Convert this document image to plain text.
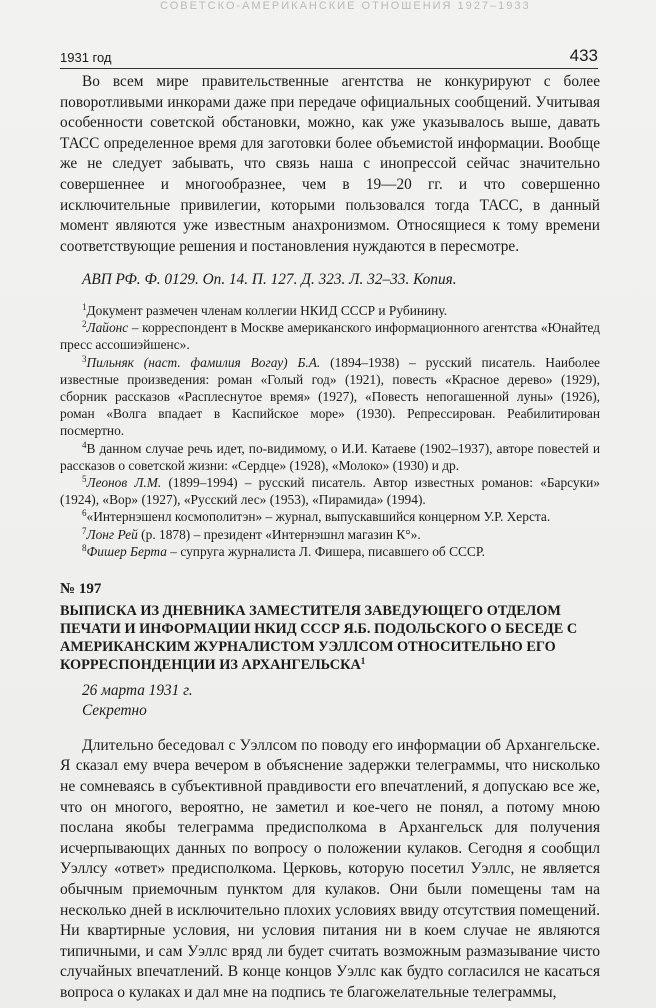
СОВЕТСКО-АМЕРИКАНСКИЕ ОТНОШЕНИЯ 1927–1933
1931 год	433

Во всем мире правительственные агентства не конкурируют с более поворотливыми инкорами даже при передаче официальных сообщений. Учитывая особенности советской обстановки, можно, как уже указывалось выше, давать ТАСС определенное время для заготовки более объемистой информации. Вообще же не следует забывать, что связь наша с инопрессой сейчас значительно совершеннее и многообразнее, чем в 19—20 гг. и что совершенно исключительные привилегии, которыми пользовался тогда ТАСС, в данный момент являются уже известным анахронизмом. Относящиеся к тому времени соответствующие решения и постановления нуждаются в пересмотре.

АВП РФ. Ф. 0129. Оп. 14. П. 127. Д. 323. Л. 32–33. Копия.

$^1$Документ размечен членам коллегии НКИД СССР и Рубинину.

$^2$Лайонс – корреспондент в Москве американского информационного агентства «Юнайтед пресс ассошиэйшенс».

$^3$Пильняк (наст. фамилия Вогау) Б.А. (1894–1938) – русский писатель. Наиболее известные произведения: роман «Голый год» (1921), повесть «Красное дерево» (1929), сборник рассказов «Расплеснутое время» (1927), «Повесть непогашенной луны» (1926), роман «Волга впадает в Каспийское море» (1930). Репрессирован. Реабилитирован посмертно.

$^4$В данном случае речь идет, по-видимому, о И.И. Катаеве (1902–1937), авторе повестей и рассказов о советской жизни: «Сердце» (1928), «Молоко» (1930) и др.

$^5$Леонов Л.М. (1899–1994) – русский писатель. Автор известных романов: «Барсуки» (1924), «Вор» (1927), «Русский лес» (1953), «Пирамида» (1994).

$^6$«Интернэшенл космополитэн» – журнал, выпускавшийся концерном У.Р. Херста.

$^7$Лонг Рей (р. 1878) – президент «Интернэшнл магазин К°».

$^8$Фишер Берта – супруга журналиста Л. Фишера, писавшего об СССР.

№ 197

ВЫПИСКА ИЗ ДНЕВНИКА ЗАМЕСТИТЕЛЯ ЗАВЕДУЮЩЕГО ОТДЕЛОМ ПЕЧАТИ И ИНФОРМАЦИИ НКИД СССР Я.Б. ПОДОЛЬСКОГО О БЕСЕДЕ С АМЕРИКАНСКИМ ЖУРНАЛИСТОМ УЭЛЛСОМ ОТНОСИТЕЛЬНО ЕГО КОРРЕСПОНДЕНЦИИ ИЗ АРХАНГЕЛЬСКА$^1$

26 марта 1931 г.

Секретно

Длительно беседовал с Уэллсом по поводу его информации об Архангельске. Я сказал ему вчера вечером в объяснение задержки телеграммы, что нисколько не сомневаясь в субъективной правдивости его впечатлений, я допускаю все же, что он многого, вероятно, не заметил и кое-чего не понял, а потому мною послана якобы телеграмма предисполкома в Архангельск для получения исчерпывающих данных по вопросу о положении кулаков. Сегодня я сообщил Уэллсу «ответ» предисполкома. Церковь, которую посетил Уэллс, не является обычным приемочным пунктом для кулаков. Они были помещены там на несколько дней в исключительно плохих условиях ввиду отсутствия помещений. Ни квартирные условия, ни условия питания ни в коем случае не являются типичными, и сам Уэллс вряд ли будет считать возможным размазывание чисто случайных впечатлений. В конце концов Уэллс как будто согласился не касаться вопроса о кулаках и дал мне на подпись те благожелательные телеграммы,
